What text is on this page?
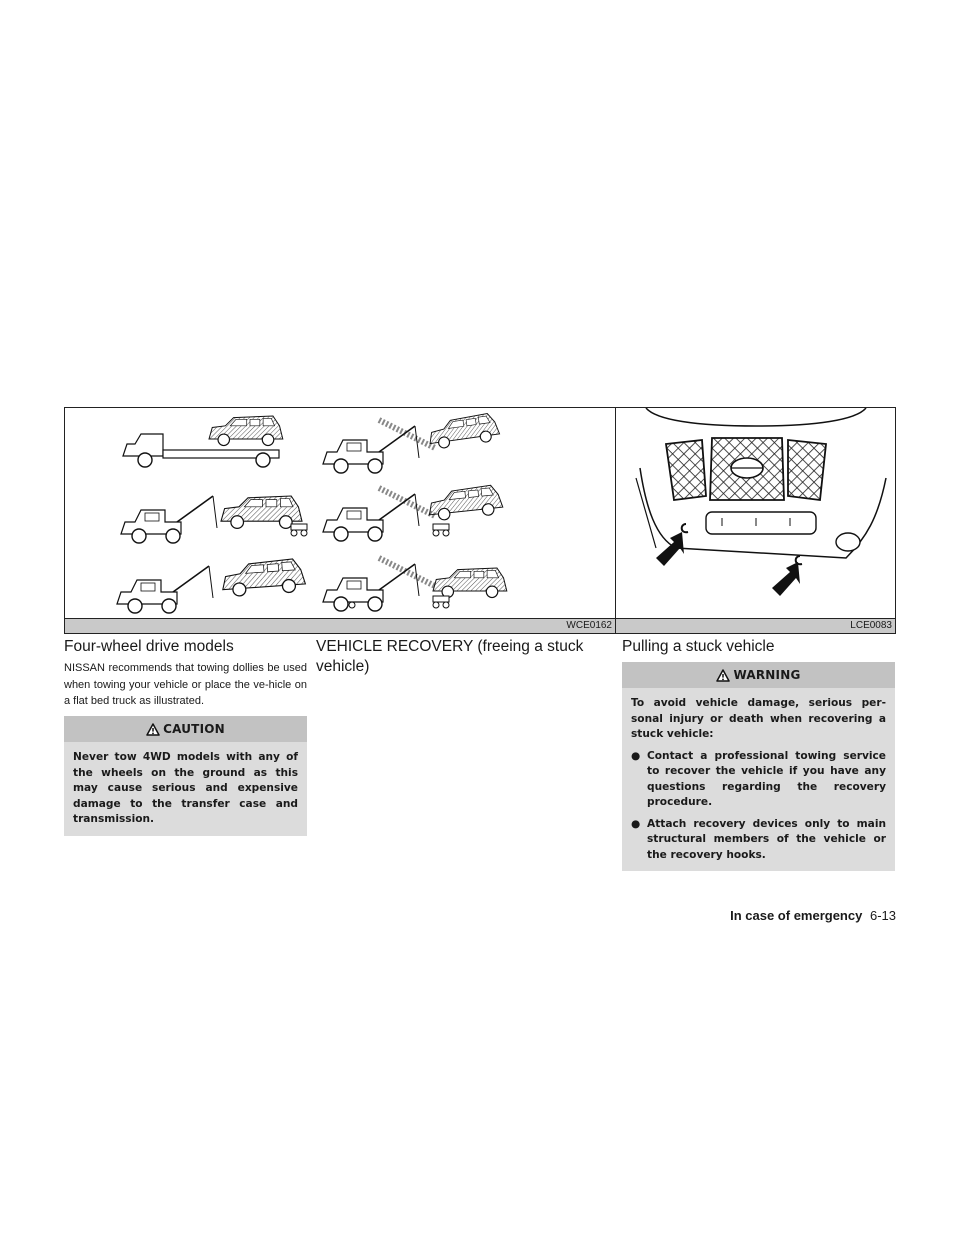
WCE0162	LCE0083
Four-wheel drive models

NISSAN recommends that towing dollies be used when towing your vehicle or place the ve-hicle on a flat bed truck as illustrated.

CAUTION

Never tow 4WD models with any of the wheels on the ground as this may cause serious and expensive damage to the transfer case and transmission.

VEHICLE RECOVERY (freeing a stuck vehicle)
Pulling a stuck vehicle
WARNING

To avoid vehicle damage, serious per-sonal injury or death when recovering a stuck vehicle:

● Contact a professional towing service to recover the vehicle if you have any questions regarding the recovery procedure.
● Attach recovery devices only to main structural members of the vehicle or the recovery hooks.
In case of emergency 6-13
